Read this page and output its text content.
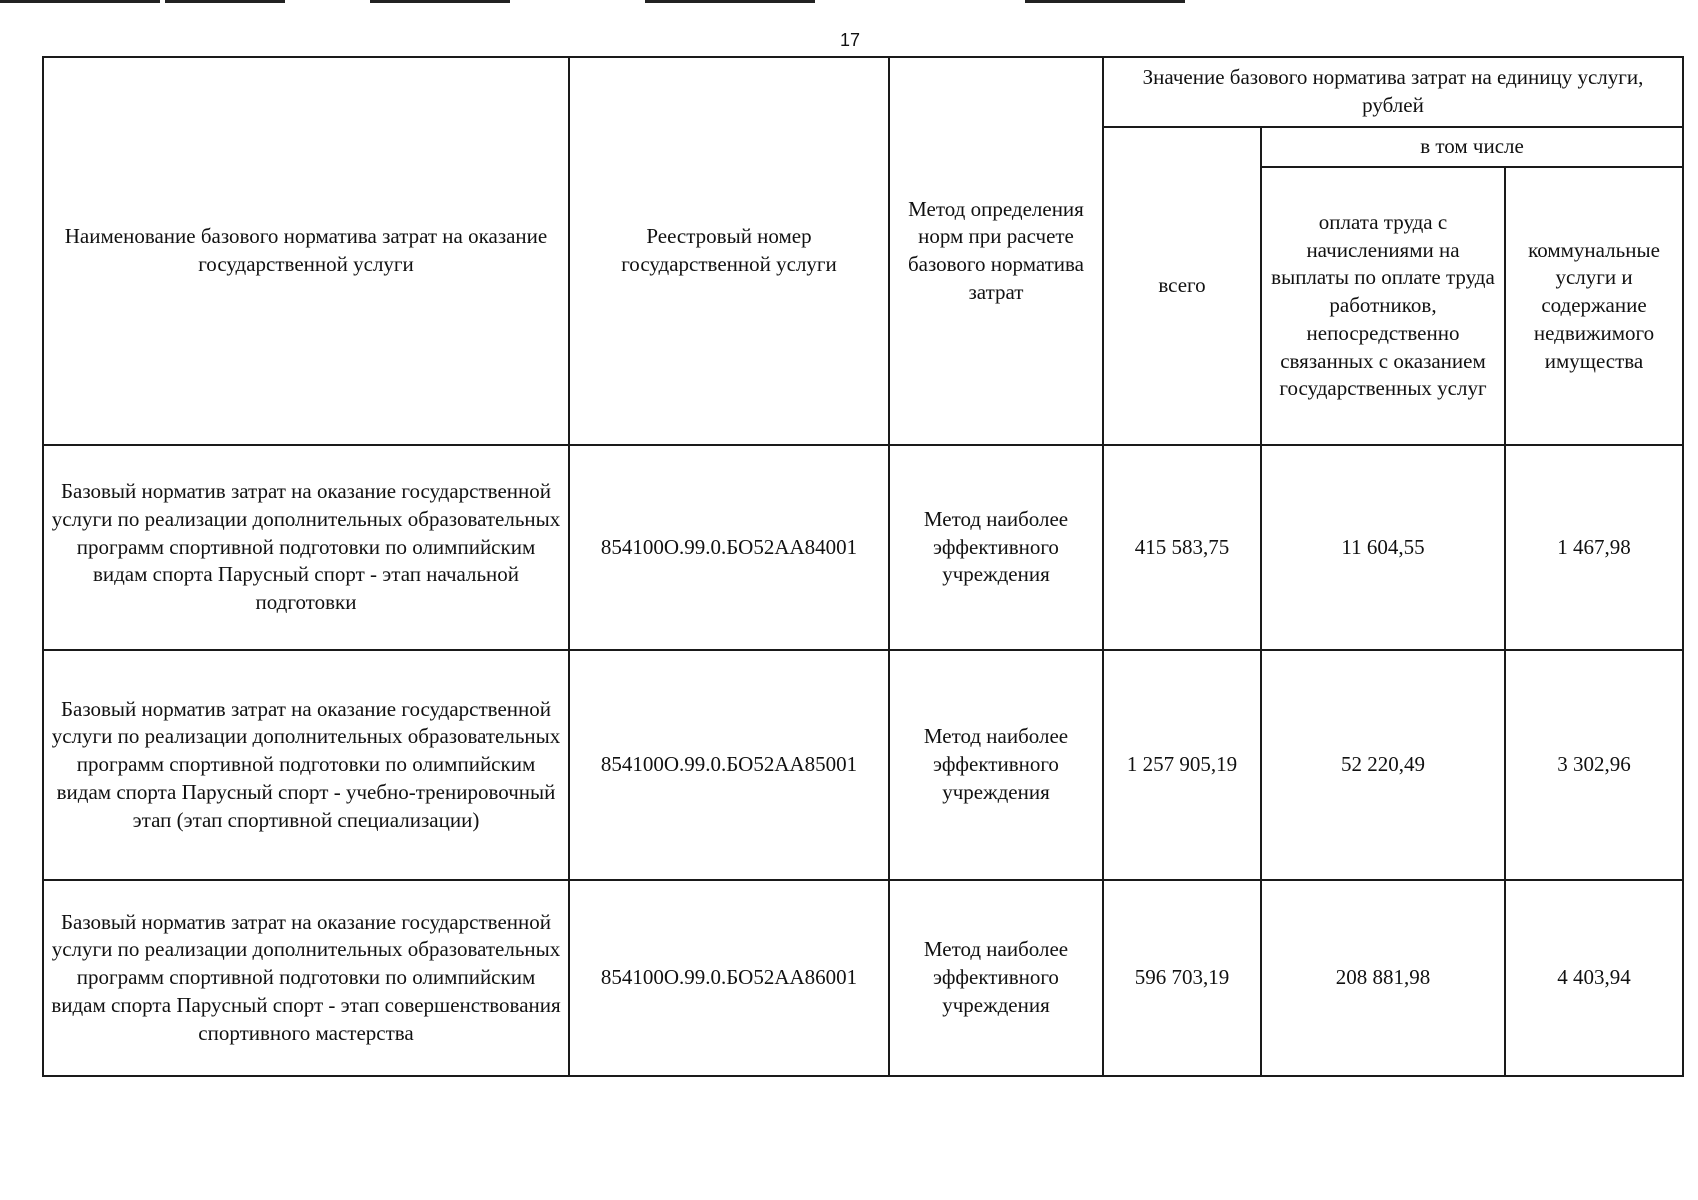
17
Наименование базового норматива затрат на оказание государственной услуги	Реестровый номер государственной услуги	Метод определения норм при расчете базового норматива затрат	Значение базового норматива затрат на единицу услуги, рублей		
			всего	в том числе	
				оплата труда с начислениями на выплаты по оплате труда работников, непосредственно связанных с оказанием государственных услуг	коммунальные услуги и содержание недвижимого имущества
Базовый норматив затрат на оказание государственной услуги по реализации дополнительных образовательных программ спортивной подготовки по олимпийским видам спорта Парусный спорт - этап начальной подготовки	854100О.99.0.БО52АА84001	Метод наиболее эффективного учреждения	415 583,75	11 604,55	1 467,98
Базовый норматив затрат на оказание государственной услуги по реализации дополнительных образовательных программ спортивной подготовки по олимпийским видам спорта Парусный спорт - учебно-тренировочный этап (этап спортивной специализации)	854100О.99.0.БО52АА85001	Метод наиболее эффективного учреждения	1 257 905,19	52 220,49	3 302,96
Базовый норматив затрат на оказание государственной услуги по реализации дополнительных образовательных программ спортивной подготовки по олимпийским видам спорта Парусный спорт - этап совершенствования спортивного мастерства	854100О.99.0.БО52АА86001	Метод наиболее эффективного учреждения	596 703,19	208 881,98	4 403,94
